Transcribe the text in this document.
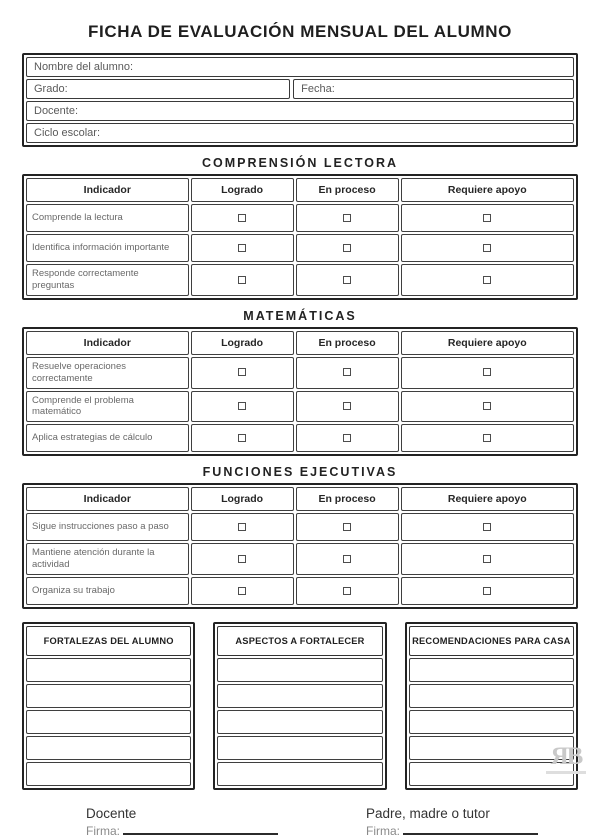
FICHA DE EVALUACIÓN MENSUAL DEL ALUMNO
Nombre del alumno:
Grado:	Fecha:
Docente:
Ciclo escolar:
COMPRENSIÓN LECTORA
Indicador	Logrado	En proceso	Requiere apoyo
Comprende la lectura			
Identifica información importante			
Responde correctamente preguntas			
MATEMÁTICAS
Indicador	Logrado	En proceso	Requiere apoyo
Resuelve operaciones correctamente			
Comprende el problema matemático			
Aplica estrategias de cálculo			
FUNCIONES EJECUTIVAS
Indicador	Logrado	En proceso	Requiere apoyo
Sigue instrucciones paso a paso			
Mantiene atención durante la actividad			
Organiza su trabajo			
FORTALEZAS DEL ALUMNO	ASPECTOS A FORTALECER	RECOMENDACIONES PARA CASA
Docente
Firma:
Padre, madre o tutor
Firma:
ЯB
